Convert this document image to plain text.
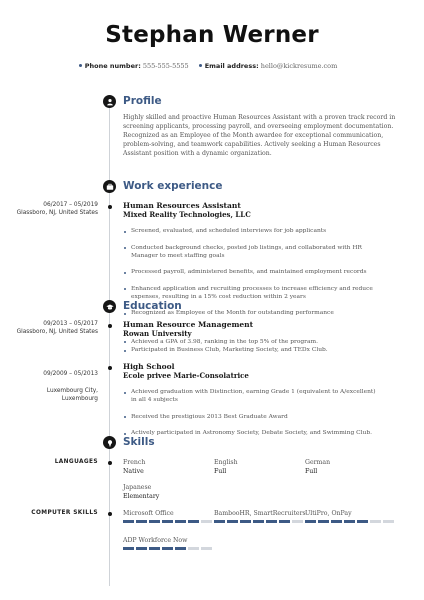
Stephan Werner
Phone number: 555-555-5555 Email address: hello@kickresume.com
Profile
Highly skilled and proactive Human Resources Assistant with a proven track record in
screening applicants, processing payroll, and overseeing employment documentation.
Recognized as an Employee of the Month awardee for exceptional communication,
problem-solving, and teamwork capabilities. Actively seeking a Human Resources
Assistant position with a dynamic organization.
Work experience
06/2017 – 05/2019
Glassboro, NJ, United States
Human Resources Assistant
Mixed Reality Technologies, LLC

Screened, evaluated, and scheduled interviews for job applicants

Conducted background checks, posted job listings, and collaborated with HR
Manager to meet staffing goals

Processed payroll, administered benefits, and maintained employment records

Enhanced application and recruiting processes to increase efficiency and reduce
expenses, resulting in a 15% cost reduction within 2 years

Recognized as Employee of the Month for outstanding performance

Education
09/2013 – 05/2017
Glassboro, NJ, United States
Human Resource Management
Rowan University
Achieved a GPA of 3.98, ranking in the top 5% of the program.
Participated in Business Club, Marketing Society, and TEDx Club.

09/2009 – 05/2013

Luxembourg City,
Luxembourg

High School
Ecole privee Marie-Consolatrice

Achieved graduation with Distinction, earning Grade 1 (equivalent to A/excellent)
in all 4 subjects

Received the prestigious 2013 Best Graduate Award

Actively participated in Astronomy Society, Debate Society, and Swimming Club.

Skills
LANGUAGES	French
Native
English
Full
German
Full
Japanese
Elementary
COMPUTER SKILLS	Microsoft Office	BambooHR, SmartRecruiters UltiPro, OnPay
ADP Workforce Now
